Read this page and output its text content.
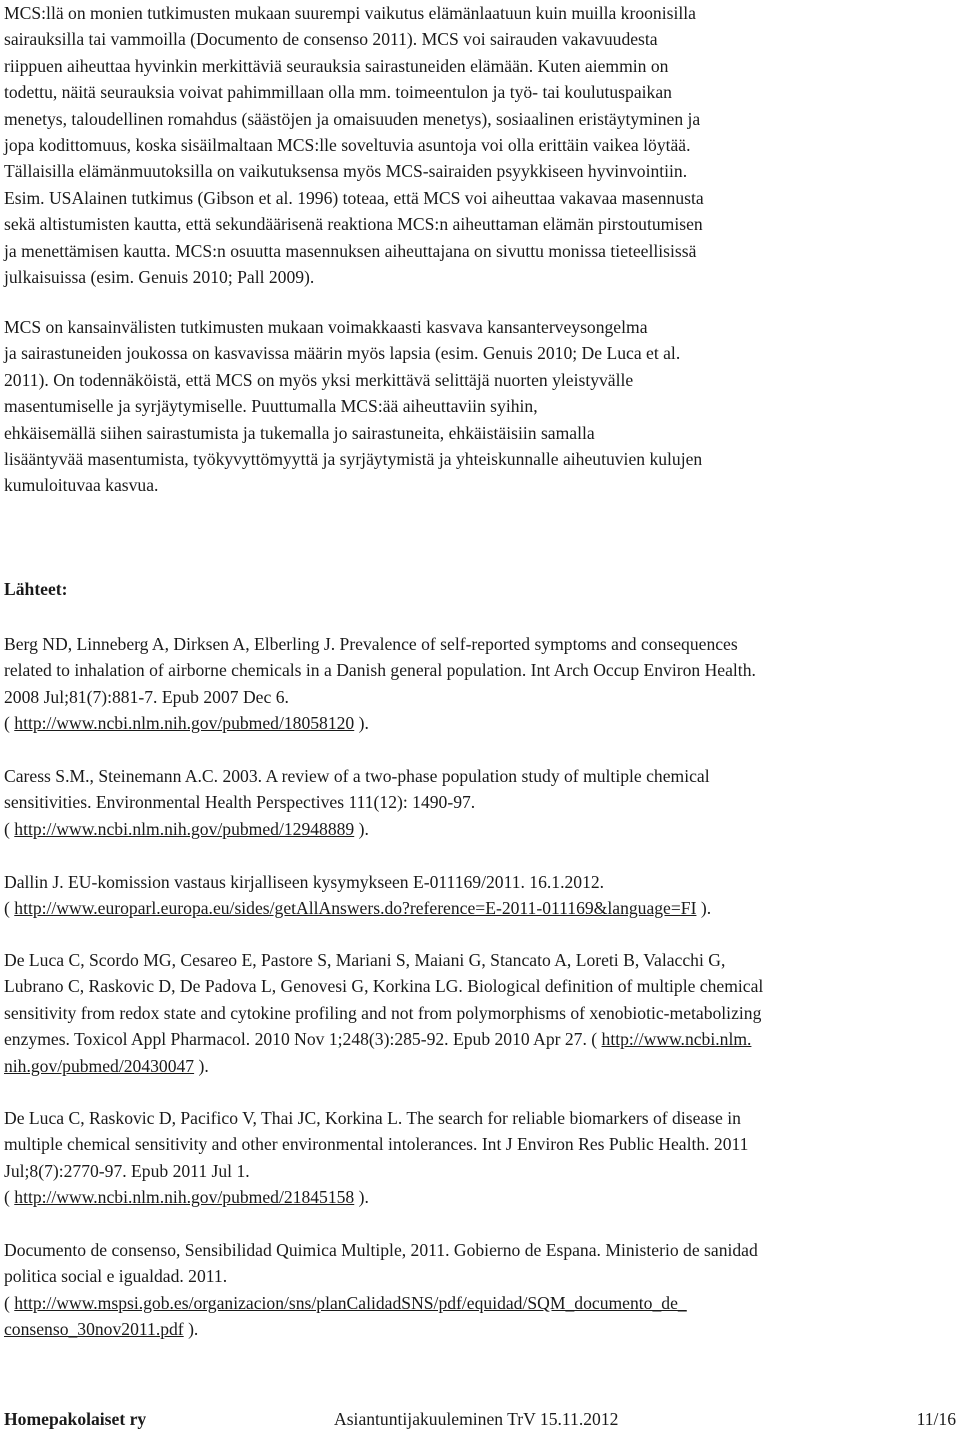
MCS:llä on monien tutkimusten mukaan suurempi vaikutus elämänlaatuun kuin muilla kroonisilla
sairauksilla tai vammoilla (Documento de consenso 2011). MCS voi sairauden vakavuudesta
riippuen aiheuttaa hyvinkin merkittäviä seurauksia sairastuneiden elämään. Kuten aiemmin on
todettu, näitä seurauksia voivat pahimmillaan olla mm. toimeentulon ja työ- tai koulutuspaikan
menetys, taloudellinen romahdus (säästöjen ja omaisuuden menetys), sosiaalinen eristäytyminen ja
jopa kodittomuus, koska sisäilmaltaan MCS:lle soveltuvia asuntoja voi olla erittäin vaikea löytää.
Tällaisilla elämänmuutoksilla on vaikutuksensa myös MCS-sairaiden psyykkiseen hyvinvointiin.
Esim. USAlainen tutkimus (Gibson et al. 1996) toteaa, että MCS voi aiheuttaa vakavaa masennusta
sekä altistumisten kautta, että sekundäärisenä reaktiona MCS:n aiheuttaman elämän pirstoutumisen
ja menettämisen kautta. MCS:n osuutta masennuksen aiheuttajana on sivuttu monissa tieteellisissä
julkaisuissa (esim. Genuis 2010; Pall 2009).
MCS on kansainvälisten tutkimusten mukaan voimakkaasti kasvava kansanterveysongelma
ja sairastuneiden joukossa on kasvavissa määrin myös lapsia (esim. Genuis 2010; De Luca et al.
2011). On todennäköistä, että MCS on myös yksi merkittävä selittäjä nuorten yleistyvälle
masentumiselle ja syrjäytymiselle. Puuttumalla MCS:ää aiheuttaviin syihin,
ehkäisemällä siihen sairastumista ja tukemalla jo sairastuneita, ehkäistäisiin samalla
lisääntyvää masentumista, työkyvyttömyyttä ja syrjäytymistä ja yhteiskunnalle aiheutuvien kulujen
kumuloituvaa kasvua.
Lähteet:
Berg ND, Linneberg A, Dirksen A, Elberling J. Prevalence of self-reported symptoms and consequences
related to inhalation of airborne chemicals in a Danish general population. Int Arch Occup Environ Health.
2008 Jul;81(7):881-7. Epub 2007 Dec 6.
( http://www.ncbi.nlm.nih.gov/pubmed/18058120 ).
Caress S.M., Steinemann A.C. 2003. A review of a two-phase population study of multiple chemical
sensitivities. Environmental Health Perspectives 111(12): 1490-97.
( http://www.ncbi.nlm.nih.gov/pubmed/12948889 ).
Dallin J. EU-komission vastaus kirjalliseen kysymykseen E-011169/2011. 16.1.2012.
( http://www.europarl.europa.eu/sides/getAllAnswers.do?reference=E-2011-011169&language=FI ).
De Luca C, Scordo MG, Cesareo E, Pastore S, Mariani S, Maiani G, Stancato A, Loreti B, Valacchi G,
Lubrano C, Raskovic D, De Padova L, Genovesi G, Korkina LG. Biological definition of multiple chemical
sensitivity from redox state and cytokine profiling and not from polymorphisms of xenobiotic-metabolizing
enzymes. Toxicol Appl Pharmacol. 2010 Nov 1;248(3):285-92. Epub 2010 Apr 27. ( http://www.ncbi.nlm.
nih.gov/pubmed/20430047 ).
De Luca C, Raskovic D, Pacifico V, Thai JC, Korkina L. The search for reliable biomarkers of disease in
multiple chemical sensitivity and other environmental intolerances. Int J Environ Res Public Health. 2011
Jul;8(7):2770-97. Epub 2011 Jul 1.
( http://www.ncbi.nlm.nih.gov/pubmed/21845158 ).
Documento de consenso, Sensibilidad Quimica Multiple, 2011. Gobierno de Espana. Ministerio de sanidad
politica social e igualdad. 2011.
( http://www.mspsi.gob.es/organizacion/sns/planCalidadSNS/pdf/equidad/SQM_documento_de_
consenso_30nov2011.pdf ).
Homepakolaiset ry	Asiantuntijakuuleminen TrV 15.11.2012	11/16
